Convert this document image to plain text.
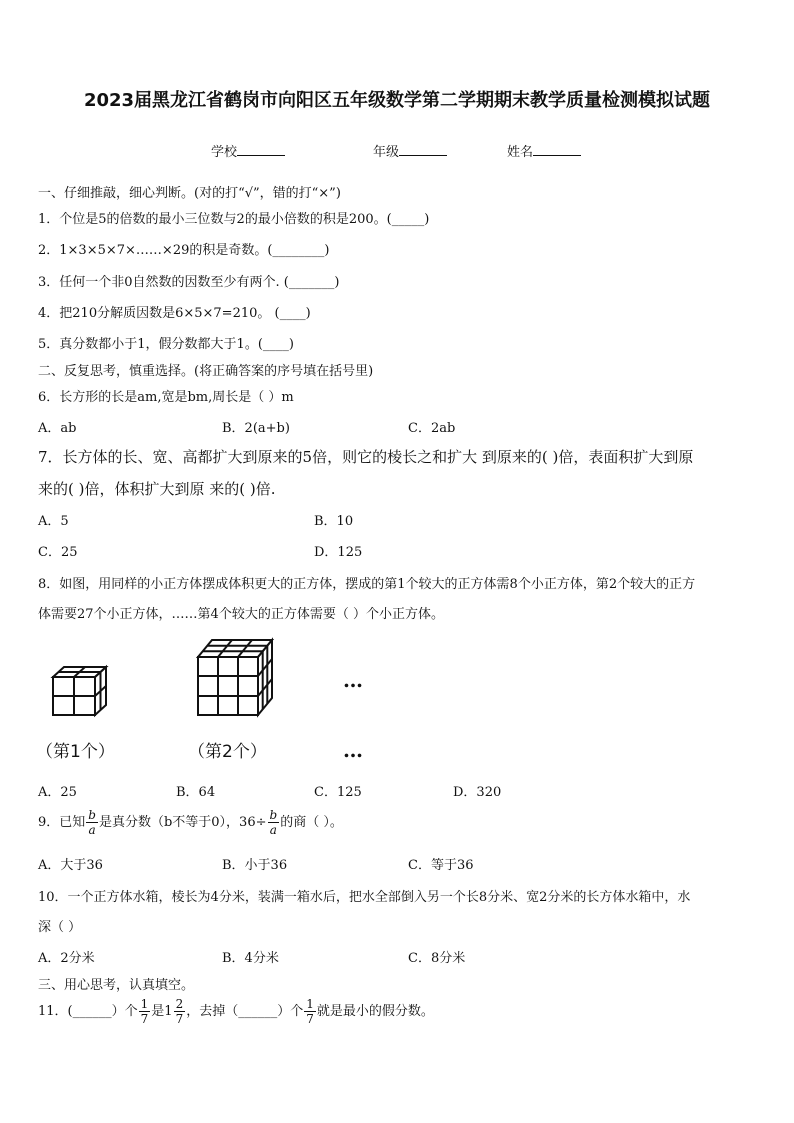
2023届黑龙江省鹤岗市向阳区五年级数学第二学期期末教学质量检测模拟试题
学校	年级	姓名
一、仔细推敲，细心判断。(对的打“√”，错的打“×”)
1．个位是5的倍数的最小三位数与2的最小倍数的积是200。(_____)
2．1×3×5×7×……×29的积是奇数。(________)
3．任何一个非0自然数的因数至少有两个. (_______)
4．把210分解质因数是6×5×7=210。 (____)
5．真分数都小于1，假分数都大于1。(____)
二、反复思考，慎重选择。(将正确答案的序号填在括号里)
6．长方形的长是am,宽是bm,周长是（ ）m
A．ab	B．2(a+b)	C．2ab
7．长方体的长、宽、高都扩大到原来的5倍，则它的棱长之和扩大 到原来的( )倍，表面积扩大到原
来的( )倍，体积扩大到原 来的( )倍.
A．5	B．10
C．25	D．125
8．如图，用同样的小正方体摆成体积更大的正方体，摆成的第1个较大的正方体需8个小正方体，第2个较大的正方
体需要27个小正方体，……第4个较大的正方体需要（ ）个小正方体。
…
（第1个）	（第2个）	…
A．25	B．64	C．125	D．320
9．已知 $\frac{b}{a}$ 是真分数（b不等于0），$36\div \frac{b}{a}$ 的商（ ）。
A．大于36	B．小于36	C．等于36
10．一个正方体水箱，棱长为4分米，装满一箱水后，把水全部倒入另一个长8分米、宽2分米的长方体水箱中，水
深（ ）
A．2分米	B．4分米	C．8分米
三、用心思考，认真填空。
11．(______）个 $\frac{1}{7}$ 是 $1 \frac{2}{7}$ ，去掉（______）个 $\frac{1}{7}$ 就是最小的假分数。
